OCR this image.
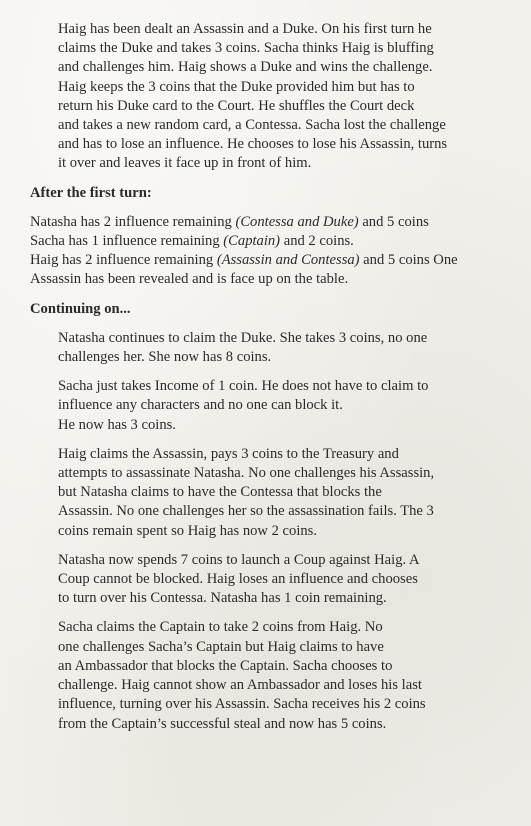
Haig has been dealt an Assassin and a Duke. On his first turn he
claims the Duke and takes 3 coins. Sacha thinks Haig is bluffing
and challenges him. Haig shows a Duke and wins the challenge.
Haig keeps the 3 coins that the Duke provided him but has to
return his Duke card to the Court. He shuffles the Court deck
and takes a new random card, a Contessa. Sacha lost the challenge
and has to lose an influence. He chooses to lose his Assassin, turns
it over and leaves it face up in front of him.
After the first turn:
Natasha has 2 influence remaining (Contessa and Duke) and 5 coins
Sacha has 1 influence remaining (Captain) and 2 coins.
Haig has 2 influence remaining (Assassin and Contessa) and 5 coins One
Assassin has been revealed and is face up on the table.
Continuing on...
Natasha continues to claim the Duke. She takes 3 coins, no one
challenges her. She now has 8 coins.
Sacha just takes Income of 1 coin. He does not have to claim to
influence any characters and no one can block it.
He now has 3 coins.
Haig claims the Assassin, pays 3 coins to the Treasury and
attempts to assassinate Natasha. No one challenges his Assassin,
but Natasha claims to have the Contessa that blocks the
Assassin. No one challenges her so the assassination fails. The 3
coins remain spent so Haig has now 2 coins.
Natasha now spends 7 coins to launch a Coup against Haig. A
Coup cannot be blocked. Haig loses an influence and chooses
to turn over his Contessa. Natasha has 1 coin remaining.
Sacha claims the Captain to take 2 coins from Haig. No
one challenges Sacha’s Captain but Haig claims to have
an Ambassador that blocks the Captain. Sacha chooses to
challenge. Haig cannot show an Ambassador and loses his last
influence, turning over his Assassin. Sacha receives his 2 coins
from the Captain’s successful steal and now has 5 coins.
